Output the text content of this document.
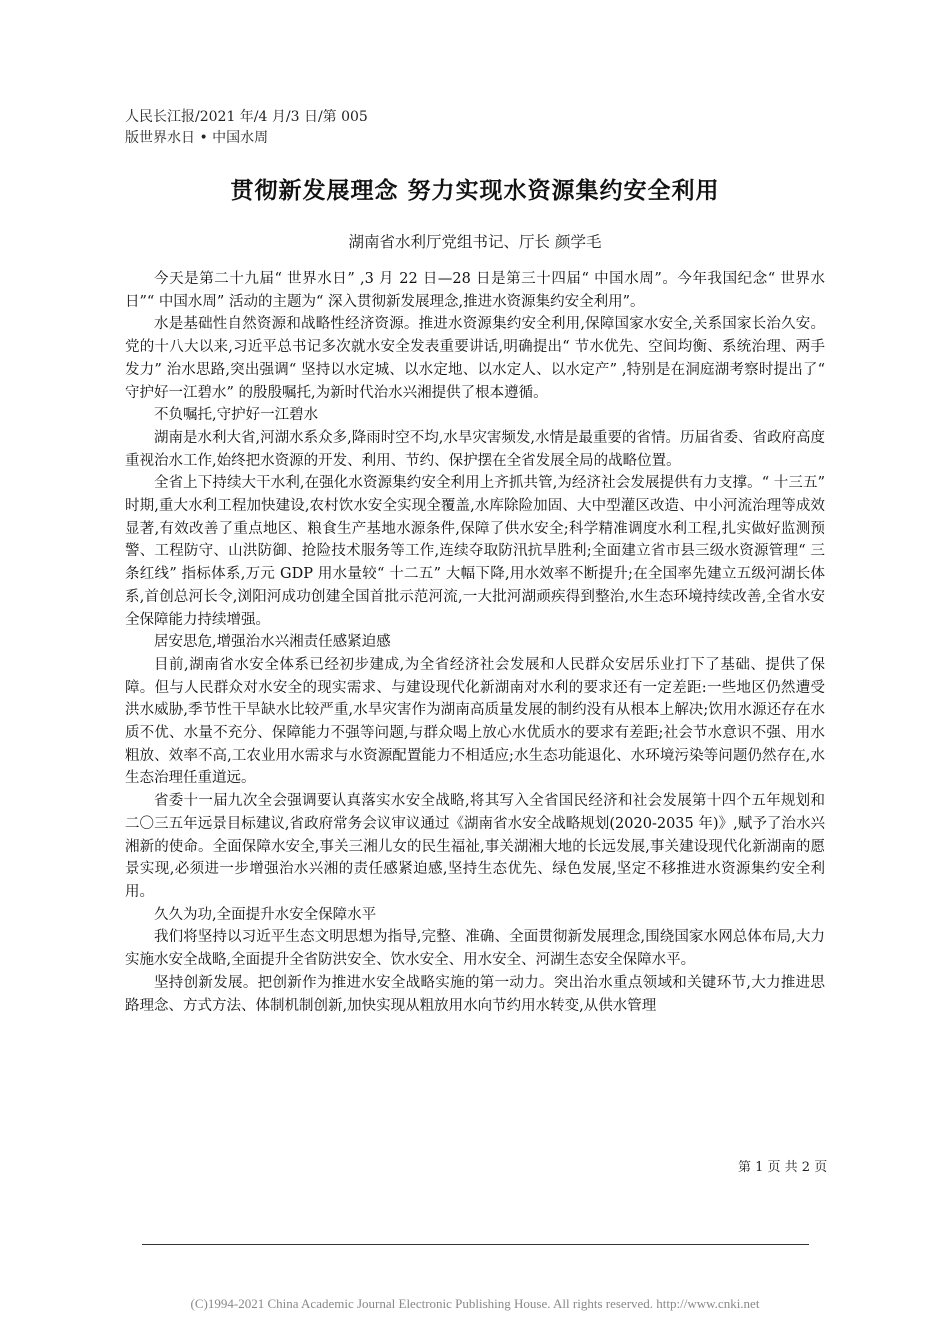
人民长江报/2021 年/4 月/3 日/第 005
版世界水日 • 中国水周
贯彻新发展理念 努力实现水资源集约安全利用
湖南省水利厅党组书记、厅长 颜学毛

今天是第二十九届“ 世界水日” ,3 月 22 日—28 日是第三十四届“ 中国水周”。今年我国纪念“ 世界水日”“ 中国水周” 活动的主题为“ 深入贯彻新发展理念,推进水资源集约安全利用”。

水是基础性自然资源和战略性经济资源。推进水资源集约安全利用,保障国家水安全,关系国家长治久安。党的十八大以来,习近平总书记多次就水安全发表重要讲话,明确提出“ 节水优先、空间均衡、系统治理、两手发力” 治水思路,突出强调“ 坚持以水定城、以水定地、以水定人、以水定产” ,特别是在洞庭湖考察时提出了“ 守护好一江碧水” 的殷殷嘱托,为新时代治水兴湘提供了根本遵循。

不负嘱托,守护好一江碧水

湖南是水利大省,河湖水系众多,降雨时空不均,水旱灾害频发,水情是最重要的省情。历届省委、省政府高度重视治水工作,始终把水资源的开发、利用、节约、保护摆在全省发展全局的战略位置。

全省上下持续大干水利,在强化水资源集约安全利用上齐抓共管,为经济社会发展提供有力支撑。“ 十三五” 时期,重大水利工程加快建设,农村饮水安全实现全覆盖,水库除险加固、大中型灌区改造、中小河流治理等成效显著,有效改善了重点地区、粮食生产基地水源条件,保障了供水安全;科学精准调度水利工程,扎实做好监测预警、工程防守、山洪防御、抢险技术服务等工作,连续夺取防汛抗旱胜利;全面建立省市县三级水资源管理“ 三条红线” 指标体系,万元 GDP 用水量较“ 十二五” 大幅下降,用水效率不断提升;在全国率先建立五级河湖长体系,首创总河长令,浏阳河成功创建全国首批示范河流,一大批河湖顽疾得到整治,水生态环境持续改善,全省水安全保障能力持续增强。

居安思危,增强治水兴湘责任感紧迫感

目前,湖南省水安全体系已经初步建成,为全省经济社会发展和人民群众安居乐业打下了基础、提供了保障。但与人民群众对水安全的现实需求、与建设现代化新湖南对水利的要求还有一定差距:一些地区仍然遭受洪水威胁,季节性干旱缺水比较严重,水旱灾害作为湖南高质量发展的制约没有从根本上解决;饮用水源还存在水质不优、水量不充分、保障能力不强等问题,与群众喝上放心水优质水的要求有差距;社会节水意识不强、用水粗放、效率不高,工农业用水需求与水资源配置能力不相适应;水生态功能退化、水环境污染等问题仍然存在,水生态治理任重道远。

省委十一届九次全会强调要认真落实水安全战略,将其写入全省国民经济和社会发展第十四个五年规划和二〇三五年远景目标建议,省政府常务会议审议通过《湖南省水安全战略规划(2020-2035 年)》,赋予了治水兴湘新的使命。全面保障水安全,事关三湘儿女的民生福祉,事关湖湘大地的长远发展,事关建设现代化新湖南的愿景实现,必须进一步增强治水兴湘的责任感紧迫感,坚持生态优先、绿色发展,坚定不移推进水资源集约安全利用。

久久为功,全面提升水安全保障水平

我们将坚持以习近平生态文明思想为指导,完整、准确、全面贯彻新发展理念,围绕国家水网总体布局,大力实施水安全战略,全面提升全省防洪安全、饮水安全、用水安全、河湖生态安全保障水平。

坚持创新发展。把创新作为推进水安全战略实施的第一动力。突出治水重点领域和关键环节,大力推进思路理念、方式方法、体制机制创新,加快实现从粗放用水向节约用水转变,从供水管理

第 1 页 共 2 页
(C)1994-2021 China Academic Journal Electronic Publishing House. All rights reserved. http://www.cnki.net
